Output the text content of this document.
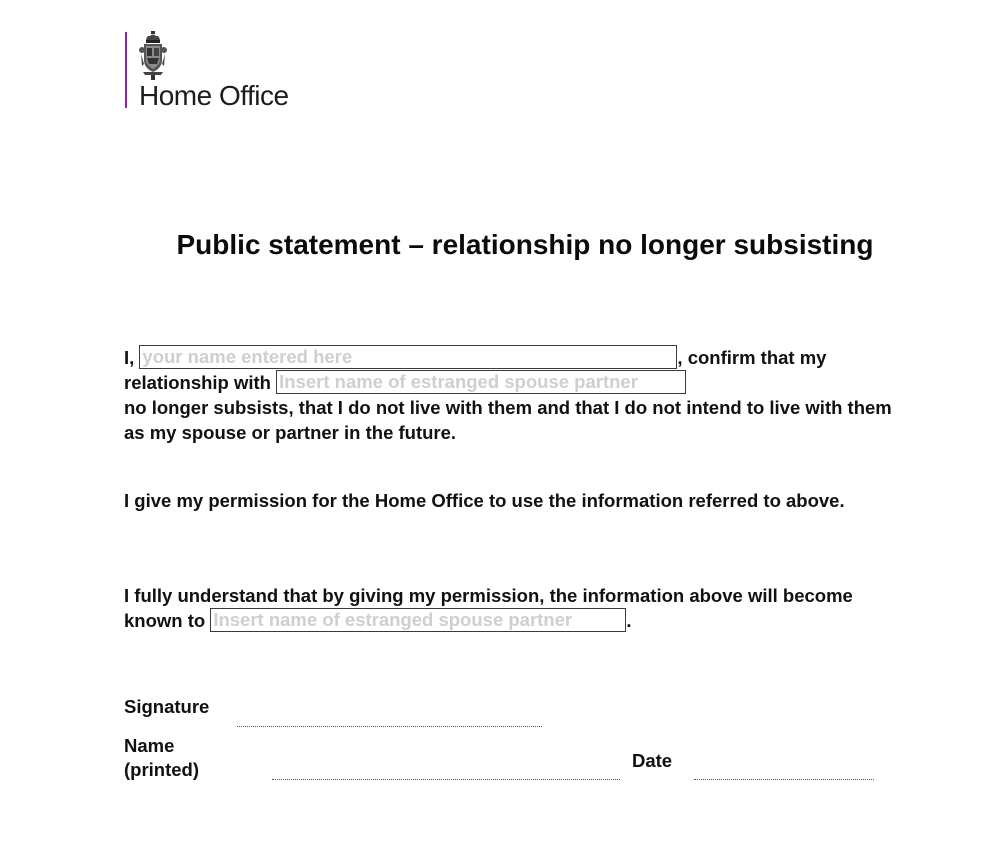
Home Office
Public statement – relationship no longer subsisting
I, your name entered here	, confirm that my relationship with Insert name of estranged spouse partner
no longer subsists, that I do not live with them and that I do not intend to live with them as my spouse or partner in the future.
I give my permission for the Home Office to use the information referred to above.
I fully understand that by giving my permission, the information above will become known to Insert name of estranged spouse partner	.
Signature
Name
(printed)	Date
